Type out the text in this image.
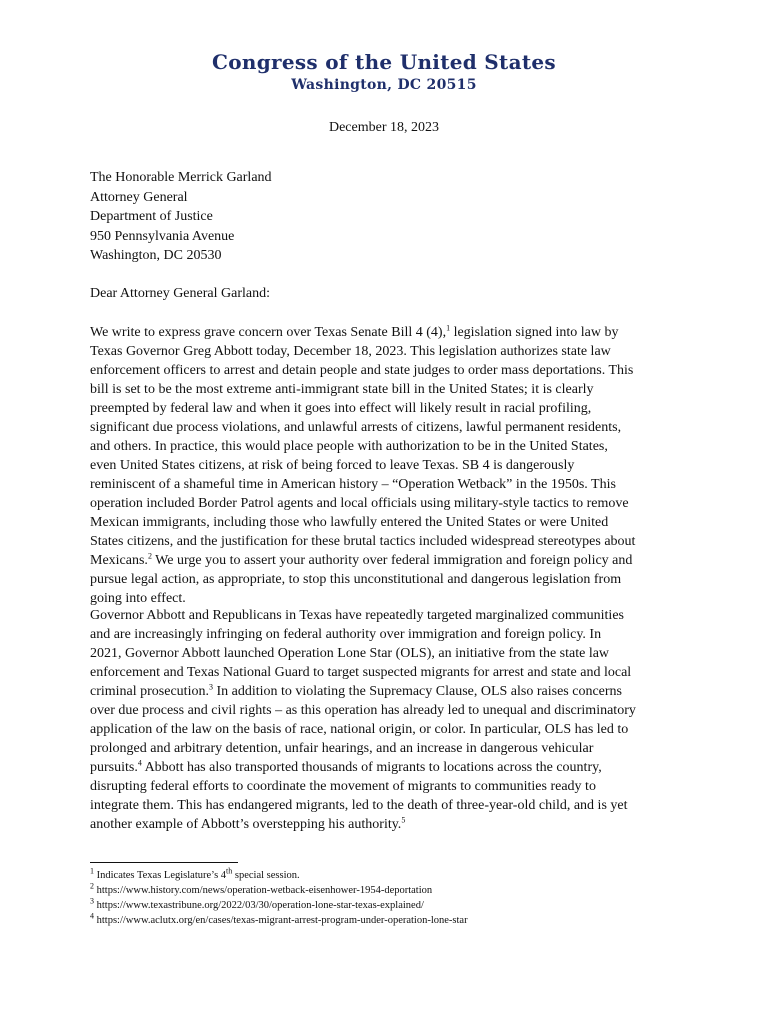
Congress of the United States
Washington, DC 20515
December 18, 2023
The Honorable Merrick Garland
Attorney General
Department of Justice
950 Pennsylvania Avenue
Washington, DC 20530
Dear Attorney General Garland:
We write to express grave concern over Texas Senate Bill 4 (4),$^1$ legislation signed into law by
Texas Governor Greg Abbott today, December 18, 2023. This legislation authorizes state law
enforcement officers to arrest and detain people and state judges to order mass deportations. This
bill is set to be the most extreme anti-immigrant state bill in the United States; it is clearly
preempted by federal law and when it goes into effect will likely result in racial profiling,
significant due process violations, and unlawful arrests of citizens, lawful permanent residents,
and others. In practice, this would place people with authorization to be in the United States,
even United States citizens, at risk of being forced to leave Texas. SB 4 is dangerously
reminiscent of a shameful time in American history – “Operation Wetback” in the 1950s. This
operation included Border Patrol agents and local officials using military-style tactics to remove
Mexican immigrants, including those who lawfully entered the United States or were United
States citizens, and the justification for these brutal tactics included widespread stereotypes about
Mexicans.$^2$ We urge you to assert your authority over federal immigration and foreign policy and
pursue legal action, as appropriate, to stop this unconstitutional and dangerous legislation from
going into effect.
Governor Abbott and Republicans in Texas have repeatedly targeted marginalized communities
and are increasingly infringing on federal authority over immigration and foreign policy. In
2021, Governor Abbott launched Operation Lone Star (OLS), an initiative from the state law
enforcement and Texas National Guard to target suspected migrants for arrest and state and local
criminal prosecution.$^3$ In addition to violating the Supremacy Clause, OLS also raises concerns
over due process and civil rights – as this operation has already led to unequal and discriminatory
application of the law on the basis of race, national origin, or color. In particular, OLS has led to
prolonged and arbitrary detention, unfair hearings, and an increase in dangerous vehicular
pursuits.$^4$ Abbott has also transported thousands of migrants to locations across the country,
disrupting federal efforts to coordinate the movement of migrants to communities ready to
integrate them. This has endangered migrants, led to the death of three-year-old child, and is yet
another example of Abbott’s overstepping his authority.$^5$
$^1$ Indicates Texas Legislature’s 4th special session.
$^2$ https://www.history.com/news/operation-wetback-eisenhower-1954-deportation
$^3$ https://www.texastribune.org/2022/03/30/operation-lone-star-texas-explained/
$^4$ https://www.aclutx.org/en/cases/texas-migrant-arrest-program-under-operation-lone-star
